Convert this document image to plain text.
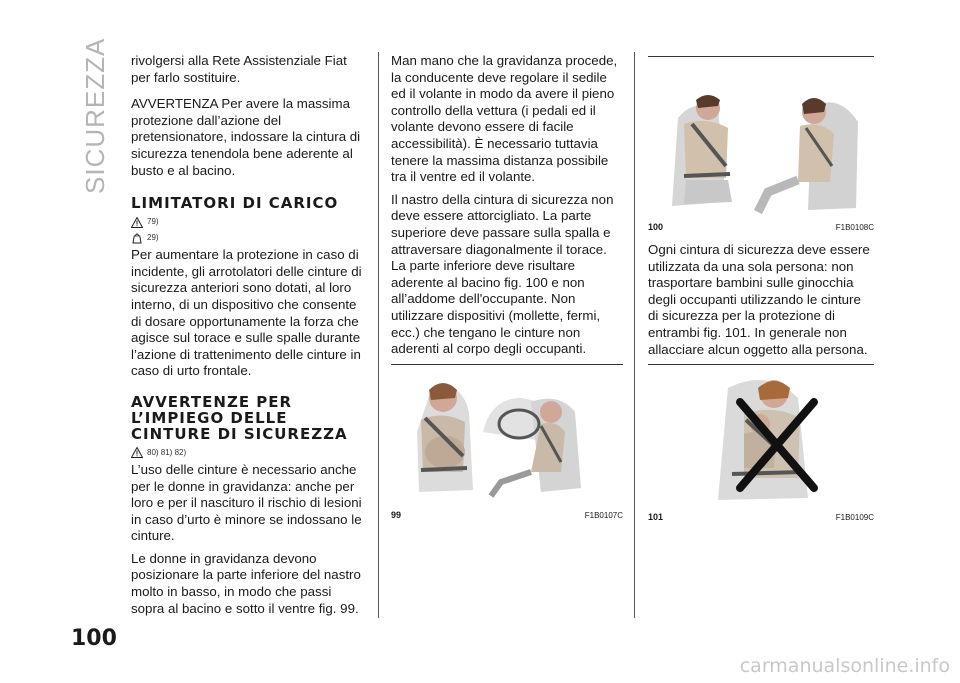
SICUREZZA rivolgersi alla Rete Assistenziale Fiat per farlo sostituire.

AVVERTENZA Per avere la massima protezione dall’azione del pretensionatore, indossare la cintura di sicurezza tenendola bene aderente al busto e al bacino.

LIMITATORI DI CARICO
79)
29)

Per aumentare la protezione in caso di incidente, gli arrotolatori delle cinture di sicurezza anteriori sono dotati, al loro interno, di un dispositivo che consente di dosare opportunamente la forza che agisce sul torace e sulle spalle durante l’azione di trattenimento delle cinture in caso di urto frontale.

AVVERTENZE PER L’IMPIEGO DELLE CINTURE DI SICUREZZA
80) 81) 82)

L’uso delle cinture è necessario anche per le donne in gravidanza: anche per loro e per il nascituro il rischio di lesioni in caso d’urto è minore se indossano le cinture.

Le donne in gravidanza devono posizionare la parte inferiore del nastro molto in basso, in modo che passi sopra al bacino e sotto il ventre fig. 99.

Man mano che la gravidanza procede, la conducente deve regolare il sedile ed il volante in modo da avere il pieno controllo della vettura (i pedali ed il volante devono essere di facile accessibilità). È necessario tuttavia tenere la massima distanza possibile tra il ventre ed il volante.

Il nastro della cintura di sicurezza non deve essere attorcigliato. La parte superiore deve passare sulla spalla e attraversare diagonalmente il torace. La parte inferiore deve risultare aderente al bacino fig. 100 e non all’addome dell'occupante. Non utilizzare dispositivi (mollette, fermi, ecc.) che tengano le cinture non aderenti al corpo degli occupanti.

99	F1B0107C
100	F1B0108C

Ogni cintura di sicurezza deve essere utilizzata da una sola persona: non trasportare bambini sulle ginocchia degli occupanti utilizzando le cinture di sicurezza per la protezione di entrambi fig. 101. In generale non allacciare alcun oggetto alla persona.

101	F1B0109C
100
carmanualsonline.info
